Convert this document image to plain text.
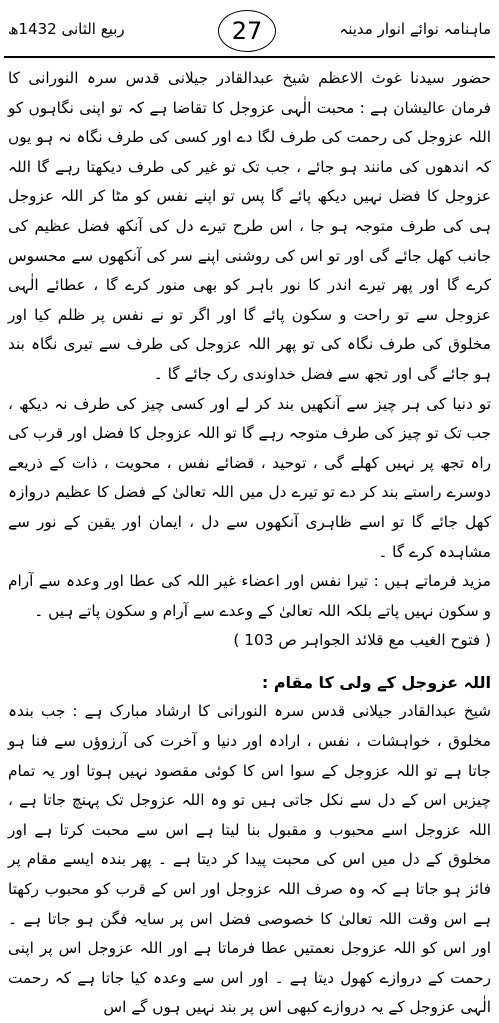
ماہنامہ نوائے انوار مدینہ
27
ربیع الثانی 1432ھ

حضور سیدنا غوث الاعظم شیخ عبدالقادر جیلانی قدس سرہ النورانی کا فرمان عالیشان ہے : محبت الٰہی عزوجل کا تقاضا ہے کہ تو اپنی نگاہوں کو اللہ عزوجل کی رحمت کی طرف لگا دے اور کسی کی طرف نگاہ نہ ہو یوں کہ اندھوں کی مانند ہو جائے ، جب تک تو غیر کی طرف دیکھتا رہے گا اللہ عزوجل کا فضل نہیں دیکھ پائے گا پس تو اپنے نفس کو مٹا کر اللہ عزوجل ہی کی طرف متوجہ ہو جا ، اس طرح تیرے دل کی آنکھ فضل عظیم کی جانب کھل جائے گی اور تو اس کی روشنی اپنے سر کی آنکھوں سے محسوس کرے گا اور پھر تیرے اندر کا نور باہر کو بھی منور کرے گا ، عطائے الٰہی عزوجل سے تو راحت و سکون پائے گا اور اگر تو نے نفس پر ظلم کیا اور مخلوق کی طرف نگاہ کی تو پھر اللہ عزوجل کی طرف سے تیری نگاہ بند ہو جائے گی اور تجھ سے فضل خداوندی رک جائے گا ۔

تو دنیا کی ہر چیز سے آنکھیں بند کر لے اور کسی چیز کی طرف نہ دیکھ ، جب تک تو چیز کی طرف متوجہ رہے گا تو اللہ عزوجل کا فضل اور قرب کی راہ تجھ پر نہیں کھلے گی ، توحید ، قضائے نفس ، محویت ، ذات کے ذریعے دوسرے راستے بند کر دے تو تیرے دل میں اللہ تعالیٰ کے فضل کا عظیم دروازہ کھل جائے گا تو اسے ظاہری آنکھوں سے دل ، ایمان اور یقین کے نور سے مشاہدہ کرے گا ۔

مزید فرماتے ہیں : تیرا نفس اور اعضاء غیر اللہ کی عطا اور وعدہ سے آرام و سکون نہیں پاتے بلکہ اللہ تعالیٰ کے وعدے سے آرام و سکون پاتے ہیں ۔

( فتوح الغیب مع قلائد الجواہر ص 103 )

اللہ عزوجل کے ولی کا مقام :

شیخ عبدالقادر جیلانی قدس سرہ النورانی کا ارشاد مبارک ہے : جب بندہ مخلوق ، خواہشات ، نفس ، ارادہ اور دنیا و آخرت کی آرزوؤں سے فنا ہو جاتا ہے تو اللہ عزوجل کے سوا اس کا کوئی مقصود نہیں ہوتا اور یہ تمام چیزیں اس کے دل سے نکل جاتی ہیں تو وہ اللہ عزوجل تک پہنچ جاتا ہے ، اللہ عزوجل اسے محبوب و مقبول بنا لیتا ہے اس سے محبت کرتا ہے اور مخلوق کے دل میں اس کی محبت پیدا کر دیتا ہے ۔ پھر بندہ ایسے مقام پر فائز ہو جاتا ہے کہ وہ صرف اللہ عزوجل اور اس کے قرب کو محبوب رکھتا ہے اس وقت اللہ تعالیٰ کا خصوصی فضل اس پر سایہ فگن ہو جاتا ہے ۔ اور اس کو اللہ عزوجل نعمتیں عطا فرماتا ہے اور اللہ عزوجل اس پر اپنی رحمت کے دروازے کھول دیتا ہے ۔ اور اس سے وعدہ کیا جاتا ہے کہ رحمت الٰہی عزوجل کے یہ دروازے کبھی اس پر بند نہیں ہوں گے اس
